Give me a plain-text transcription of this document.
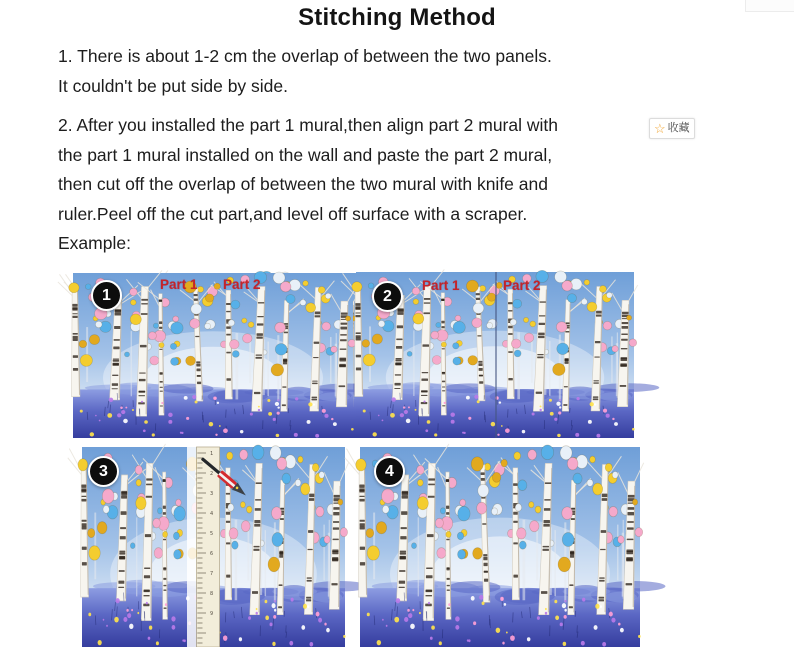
Stitching Method
1. There is about 1-2 cm the overlap of between the two panels.
It couldn't be put side by side.
2. After you installed the part 1 mural,then align part 2 mural with
the part 1 mural installed on the wall and paste the part 2 mural,
then cut off the overlap of between the two mural with knife and
ruler.Peel off the cut part,and level off surface with a scraper.
Example:
☆ 收藏
Part 1 Part 2
1
Part 1	Part 2
2
1
2
3
4
5
6
7
8
9
3	4
